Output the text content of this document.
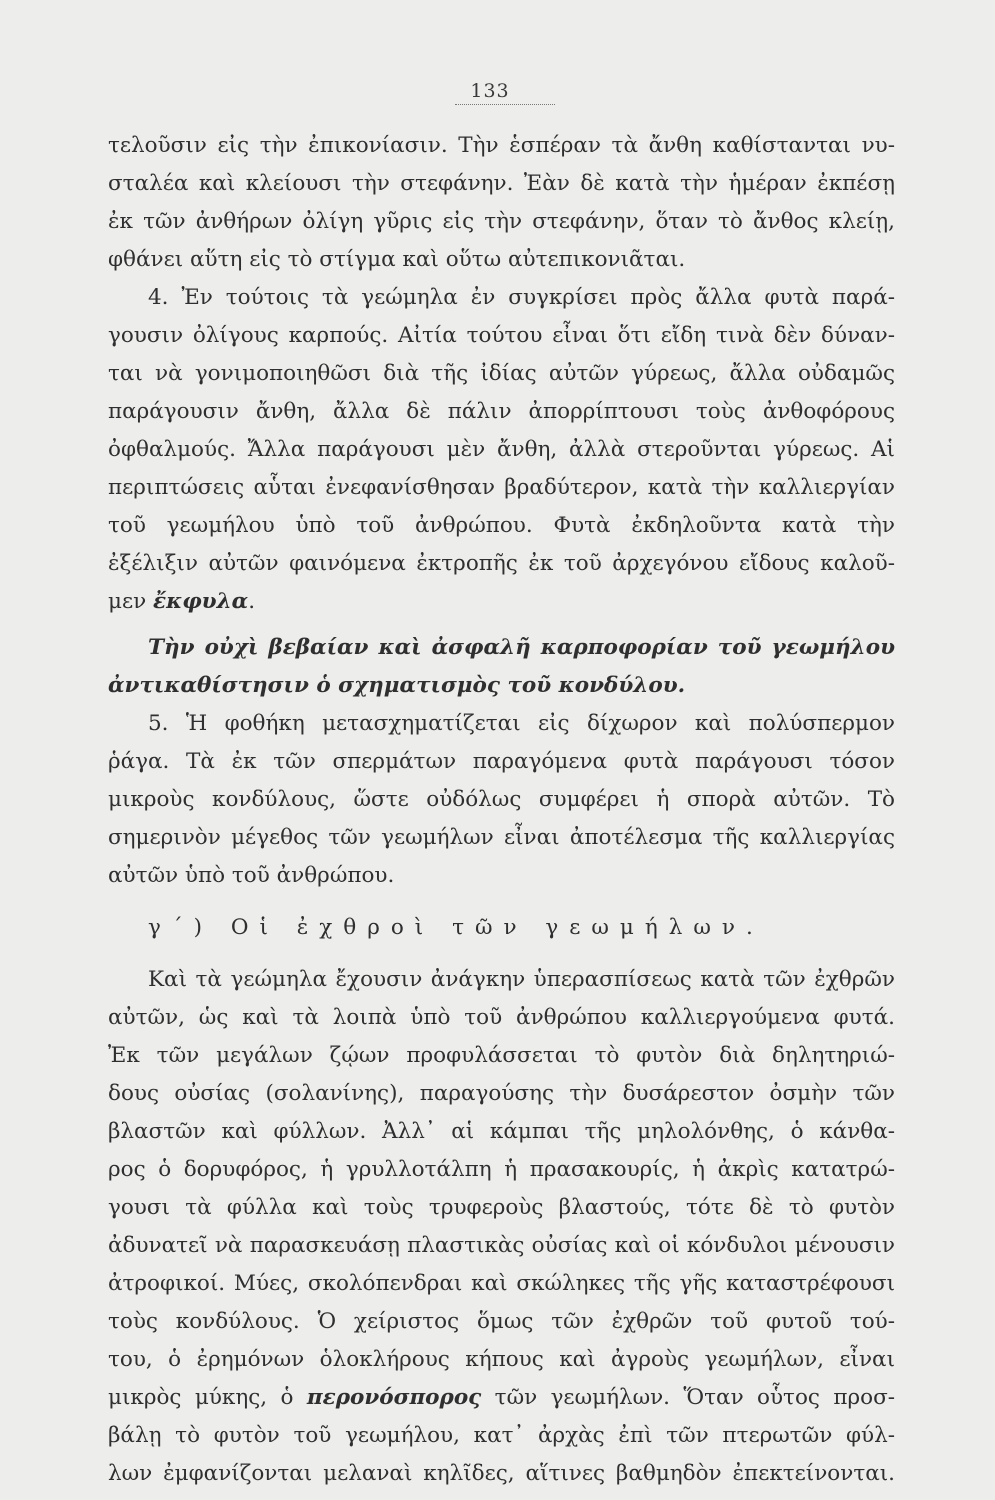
133
τελοῦσιν εἰς τὴν ἐπικονίασιν. Τὴν ἑσπέραν τὰ ἄνθη καθίστανται νυ-
σταλέα καὶ κλείουσι τὴν στεφάνην. Ἐὰν δὲ κατὰ τὴν ἡμέραν ἐκπέσῃ
ἐκ τῶν ἀνθήρων ὀλίγη γῦρις εἰς τὴν στεφάνην, ὅταν τὸ ἄνθος κλείῃ,
φθάνει αὕτη εἰς τὸ στίγμα καὶ οὕτω αὐτεπικονιᾶται.
4. Ἐν τούτοις τὰ γεώμηλα ἐν συγκρίσει πρὸς ἄλλα φυτὰ παρά-
γουσιν ὀλίγους καρπούς. Αἰτία τούτου εἶναι ὅτι εἴδη τινὰ δὲν δύναν-
ται νὰ γονιμοποιηθῶσι διὰ τῆς ἰδίας αὐτῶν γύρεως, ἄλλα οὐδαμῶς
παράγουσιν ἄνθη, ἄλλα δὲ πάλιν ἀπορρίπτουσι τοὺς ἀνθοφόρους
ὀφθαλμούς. Ἄλλα παράγουσι μὲν ἄνθη, ἀλλὰ στεροῦνται γύρεως. Αἱ
περιπτώσεις αὗται ἐνεφανίσθησαν βραδύτερον, κατὰ τὴν καλλιεργίαν
τοῦ γεωμήλου ὑπὸ τοῦ ἀνθρώπου. Φυτὰ ἐκδηλοῦντα κατὰ τὴν
ἐξέλιξιν αὐτῶν φαινόμενα ἐκτροπῆς ἐκ τοῦ ἀρχεγόνου εἴδους καλοῦ-
μεν ἔκφυλα.
Τὴν οὐχὶ βεβαίαν καὶ ἀσφαλῆ καρποφορίαν τοῦ γεωμήλου
ἀντικαθίστησιν ὁ σχηματισμὸς τοῦ κονδύλου.
5. Ἡ φοθήκη μετασχηματίζεται εἰς δίχωρον καὶ πολύσπερμον
ῥάγα. Τὰ ἐκ τῶν σπερμάτων παραγόμενα φυτὰ παράγουσι τόσον
μικροὺς κονδύλους, ὥστε οὐδόλως συμφέρει ἡ σπορὰ αὐτῶν. Τὸ
σημερινὸν μέγεθος τῶν γεωμήλων εἶναι ἀποτέλεσμα τῆς καλλιεργίας
αὐτῶν ὑπὸ τοῦ ἀνθρώπου.
γ΄) Οἱ ἐχθροὶ τῶν γεωμήλων.
Καὶ τὰ γεώμηλα ἔχουσιν ἀνάγκην ὑπερασπίσεως κατὰ τῶν ἐχθρῶν
αὐτῶν, ὡς καὶ τὰ λοιπὰ ὑπὸ τοῦ ἀνθρώπου καλλιεργούμενα φυτά.
Ἐκ τῶν μεγάλων ζῴων προφυλάσσεται τὸ φυτὸν διὰ δηλητηριώ-
δους οὐσίας (σολανίνης), παραγούσης τὴν δυσάρεστον ὀσμὴν τῶν
βλαστῶν καὶ φύλλων. Ἀλλ᾽ αἱ κάμπαι τῆς μηλολόνθης, ὁ κάνθα-
ρος ὁ δορυφόρος, ἡ γρυλλοτάλπη ἡ πρασακουρίς, ἡ ἀκρὶς κατατρώ-
γουσι τὰ φύλλα καὶ τοὺς τρυφεροὺς βλαστούς, τότε δὲ τὸ φυτὸν
ἀδυνατεῖ νὰ παρασκευάσῃ πλαστικὰς οὐσίας καὶ οἱ κόνδυλοι μένουσιν
ἀτροφικοί. Μύες, σκολόπενδραι καὶ σκώληκες τῆς γῆς καταστρέφουσι
τοὺς κονδύλους. Ὁ χείριστος ὅμως τῶν ἐχθρῶν τοῦ φυτοῦ τού-
του, ὁ ἐρημόνων ὁλοκλήρους κήπους καὶ ἀγροὺς γεωμήλων, εἶναι
μικρὸς μύκης, ὁ περονόσπορος τῶν γεωμήλων. Ὅταν οὗτος προσ-
βάλῃ τὸ φυτὸν τοῦ γεωμήλου, κατ᾽ ἀρχὰς ἐπὶ τῶν πτερωτῶν φύλ-
λων ἐμφανίζονται μελαναὶ κηλῖδες, αἵτινες βαθμηδὸν ἐπεκτείνονται.
